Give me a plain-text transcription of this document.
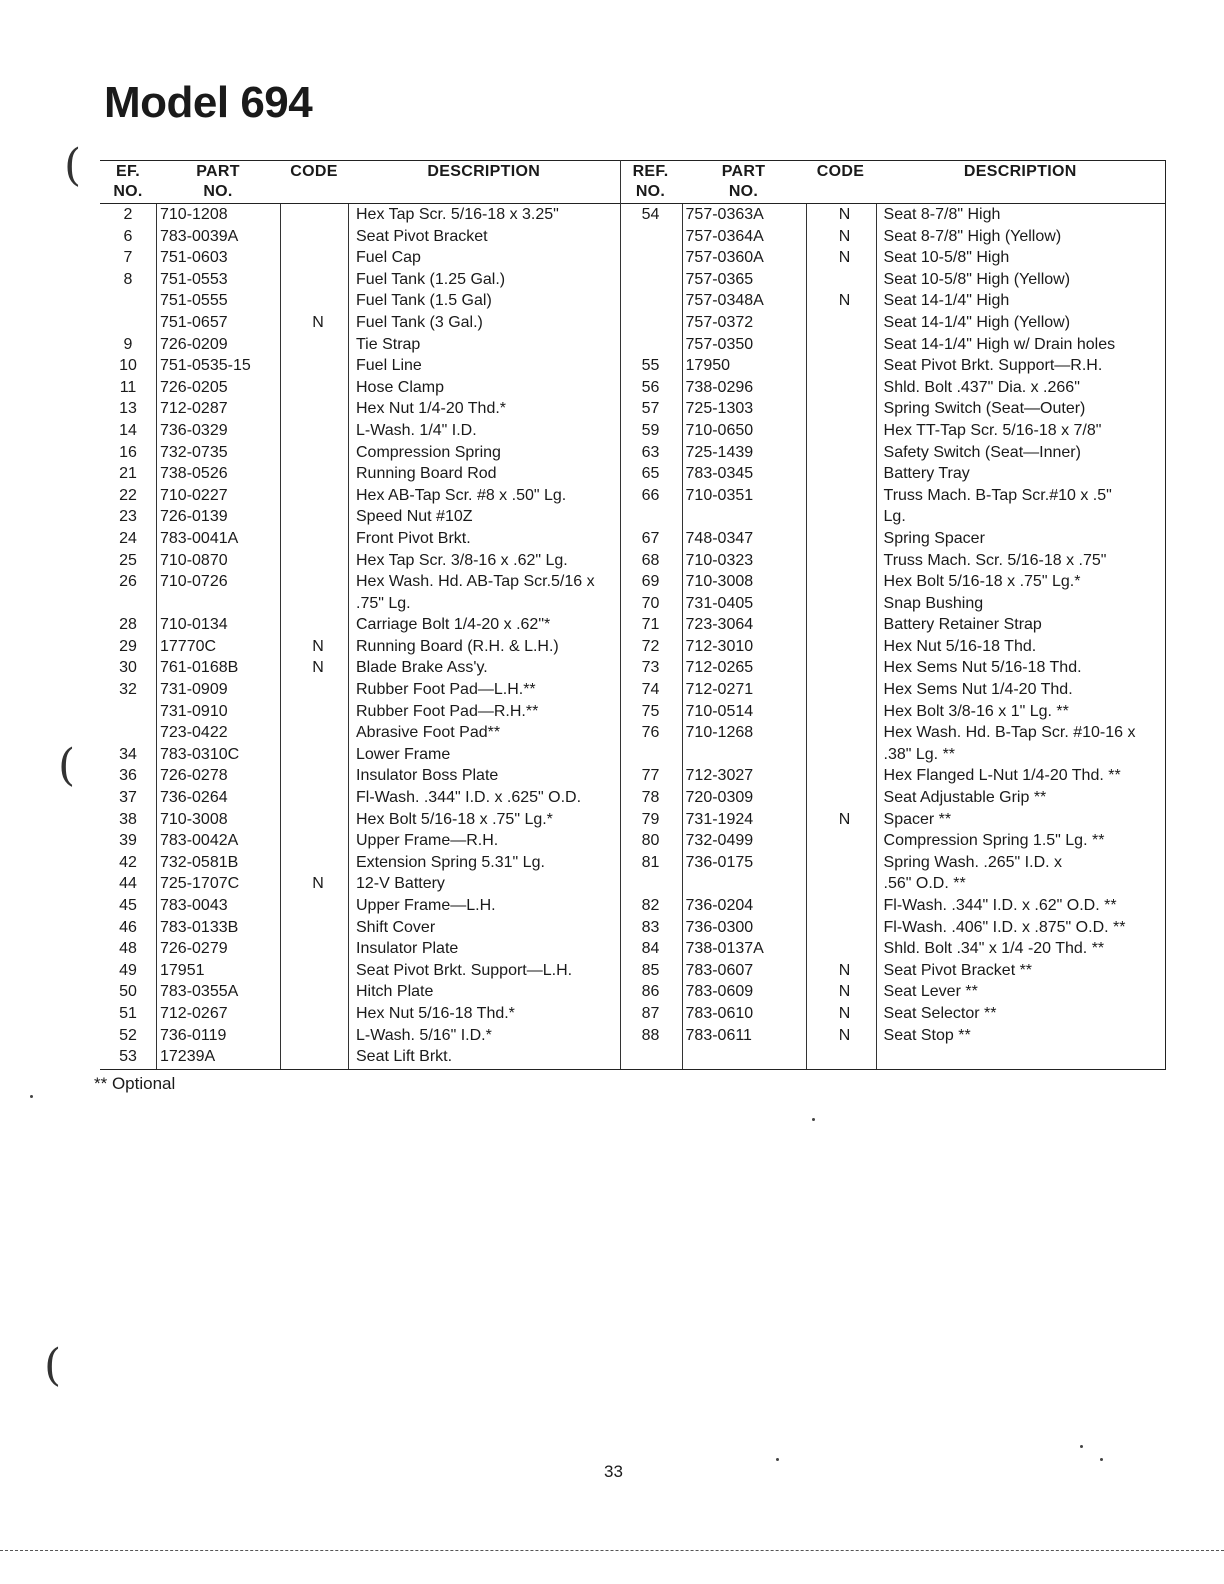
Model 694
(
(
(
EF.
NO.
PART
NO.
CODE	DESCRIPTION
2	710-1208	Hex Tap Scr. 5/16-18 x 3.25"
6	783-0039A	Seat Pivot Bracket
7	751-0603	Fuel Cap
8	751-0553	Fuel Tank (1.25 Gal.)
751-0555	Fuel Tank (1.5 Gal)
751-0657	N	Fuel Tank (3 Gal.)
9	726-0209	Tie Strap
10	751-0535-15	Fuel Line
11	726-0205	Hose Clamp
13	712-0287	Hex Nut 1/4-20 Thd.*
14	736-0329	L-Wash. 1/4" I.D.
16	732-0735	Compression Spring
21	738-0526	Running Board Rod
22	710-0227	Hex AB-Tap Scr. #8 x .50" Lg.
23	726-0139	Speed Nut #10Z
24	783-0041A	Front Pivot Brkt.
25	710-0870	Hex Tap Scr. 3/8-16 x .62" Lg.
26	710-0726	Hex Wash. Hd. AB-Tap Scr.5/16 x
.75" Lg.
28	710-0134	Carriage Bolt 1/4-20 x .62"*
29	17770C	N	Running Board (R.H. & L.H.)
30	761-0168B	N	Blade Brake Ass'y.
32	731-0909	Rubber Foot Pad—L.H.**
731-0910	Rubber Foot Pad—R.H.**
723-0422	Abrasive Foot Pad**
34	783-0310C	Lower Frame
36	726-0278	Insulator Boss Plate
37	736-0264	Fl-Wash. .344" I.D. x .625" O.D.
38	710-3008	Hex Bolt 5/16-18 x .75" Lg.*
39	783-0042A	Upper Frame—R.H.
42	732-0581B	Extension Spring 5.31" Lg.
44	725-1707C	N	12-V Battery
45	783-0043	Upper Frame—L.H.
46	783-0133B	Shift Cover
48	726-0279	Insulator Plate
49	17951	Seat Pivot Brkt. Support—L.H.
50	783-0355A	Hitch Plate
51	712-0267	Hex Nut 5/16-18 Thd.*
52	736-0119	L-Wash. 5/16" I.D.*
53	17239A	Seat Lift Brkt.
REF.
NO.
PART
NO.
CODE	DESCRIPTION
54	757-0363A	N	Seat 8-7/8" High
757-0364A	N	Seat 8-7/8" High (Yellow)
757-0360A	N	Seat 10-5/8" High
757-0365	Seat 10-5/8" High (Yellow)
757-0348A	N	Seat 14-1/4" High
757-0372	Seat 14-1/4" High (Yellow)
757-0350	Seat 14-1/4" High w/ Drain holes
55	17950	Seat Pivot Brkt. Support—R.H.
56	738-0296	Shld. Bolt .437" Dia. x .266"
57	725-1303	Spring Switch (Seat—Outer)
59	710-0650	Hex TT-Tap Scr. 5/16-18 x 7/8"
63	725-1439	Safety Switch (Seat—Inner)
65	783-0345	Battery Tray
66	710-0351	Truss Mach. B-Tap Scr.#10 x .5"
Lg.
67	748-0347	Spring Spacer
68	710-0323	Truss Mach. Scr. 5/16-18 x .75"
69	710-3008	Hex Bolt 5/16-18 x .75" Lg.*
70	731-0405	Snap Bushing
71	723-3064	Battery Retainer Strap
72	712-3010	Hex Nut 5/16-18 Thd.
73	712-0265	Hex Sems Nut 5/16-18 Thd.
74	712-0271	Hex Sems Nut 1/4-20 Thd.
75	710-0514	Hex Bolt 3/8-16 x 1" Lg. **
76	710-1268	Hex Wash. Hd. B-Tap Scr. #10-16 x
.38" Lg. **
77	712-3027	Hex Flanged L-Nut 1/4-20 Thd. **
78	720-0309	Seat Adjustable Grip **
79	731-1924	N	Spacer **
80	732-0499	Compression Spring 1.5" Lg. **
81	736-0175	Spring Wash. .265" I.D. x
.56" O.D. **
82	736-0204	Fl-Wash. .344" I.D. x .62" O.D. **
83	736-0300	Fl-Wash. .406" I.D. x .875" O.D. **
84	738-0137A	Shld. Bolt .34" x 1/4 -20 Thd. **
85	783-0607	N	Seat Pivot Bracket **
86	783-0609	N	Seat Lever **
87	783-0610	N	Seat Selector **
88	783-0611	N	Seat Stop **
** Optional
33
